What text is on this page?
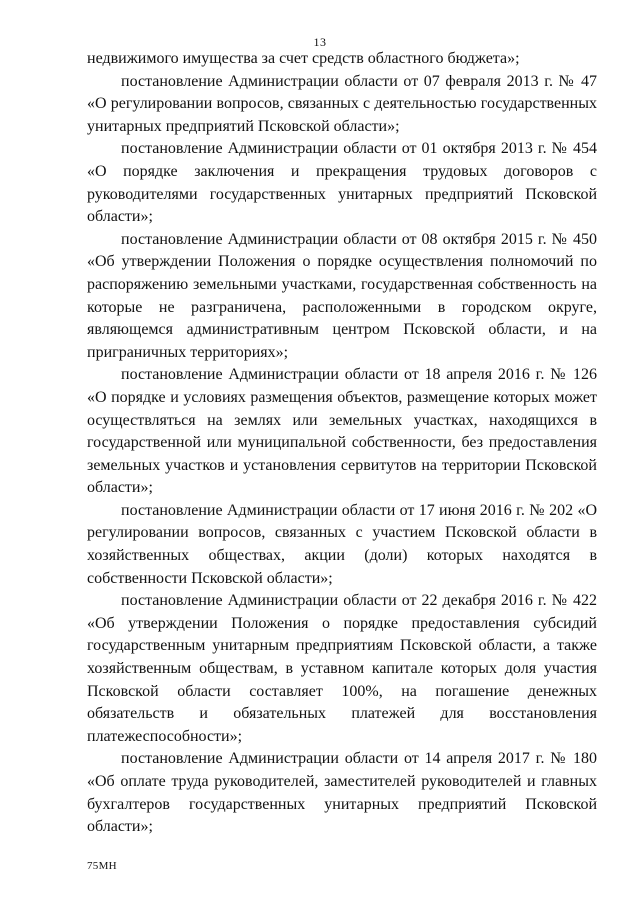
13

недвижимого имущества за счет средств областного бюджета»;

постановление Администрации области от 07 февраля 2013 г. № 47 «О регулировании вопросов, связанных с деятельностью государственных унитарных предприятий Псковской области»;

постановление Администрации области от 01 октября 2013 г. № 454 «О порядке заключения и прекращения трудовых договоров с руководителями государственных унитарных предприятий Псковской области»;

постановление Администрации области от 08 октября 2015 г. № 450 «Об утверждении Положения о порядке осуществления полномочий по распоряжению земельными участками, государственная собственность на которые не разграничена, расположенными в городском округе, являющемся административным центром Псковской области, и на приграничных территориях»;

постановление Администрации области от 18 апреля 2016 г. № 126 «О порядке и условиях размещения объектов, размещение которых может осуществляться на землях или земельных участках, находящихся в государственной или муниципальной собственности, без предоставления земельных участков и установления сервитутов на территории Псковской области»;

постановление Администрации области от 17 июня 2016 г. № 202 «О регулировании вопросов, связанных с участием Псковской области в хозяйственных обществах, акции (доли) которых находятся в собственности Псковской области»;

постановление Администрации области от 22 декабря 2016 г. № 422 «Об утверждении Положения о порядке предоставления субсидий государственным унитарным предприятиям Псковской области, а также хозяйственным обществам, в уставном капитале которых доля участия Псковской области составляет 100%, на погашение денежных обязательств и обязательных платежей для восстановления платежеспособности»;

постановление Администрации области от 14 апреля 2017 г. № 180 «Об оплате труда руководителей, заместителей руководителей и главных бухгалтеров государственных унитарных предприятий Псковской области»;

75МН
